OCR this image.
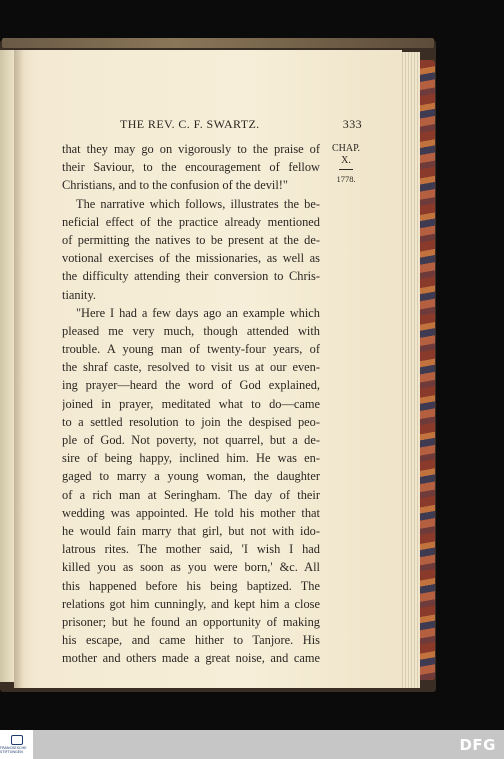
THE REV. C. F. SWARTZ.	333
CHAP.
X.
1778.
that they may go on vigorously to the praise of
their Saviour, to the encouragement of fellow
Christians, and to the confusion of the devil!"
The narrative which follows, illustrates the be-
neficial effect of the practice already mentioned
of permitting the natives to be present at the de-
votional exercises of the missionaries, as well as
the difficulty attending their conversion to Chris-
tianity.
"Here I had a few days ago an example which
pleased me very much, though attended with
trouble. A young man of twenty-four years, of
the shraf caste, resolved to visit us at our even-
ing prayer—heard the word of God explained,
joined in prayer, meditated what to do—came
to a settled resolution to join the despised peo-
ple of God. Not poverty, not quarrel, but a de-
sire of being happy, inclined him. He was en-
gaged to marry a young woman, the daughter
of a rich man at Seringham. The day of their
wedding was appointed. He told his mother that
he would fain marry that girl, but not with ido-
latrous rites. The mother said, 'I wish I had
killed you as soon as you were born,' &c. All
this happened before his being baptized. The
relations got him cunningly, and kept him a close
prisoner; but he found an opportunity of making
his escape, and came hither to Tanjore. His
mother and others made a great noise, and came
FRANCKESCHE STIFTUNGEN	DFG
